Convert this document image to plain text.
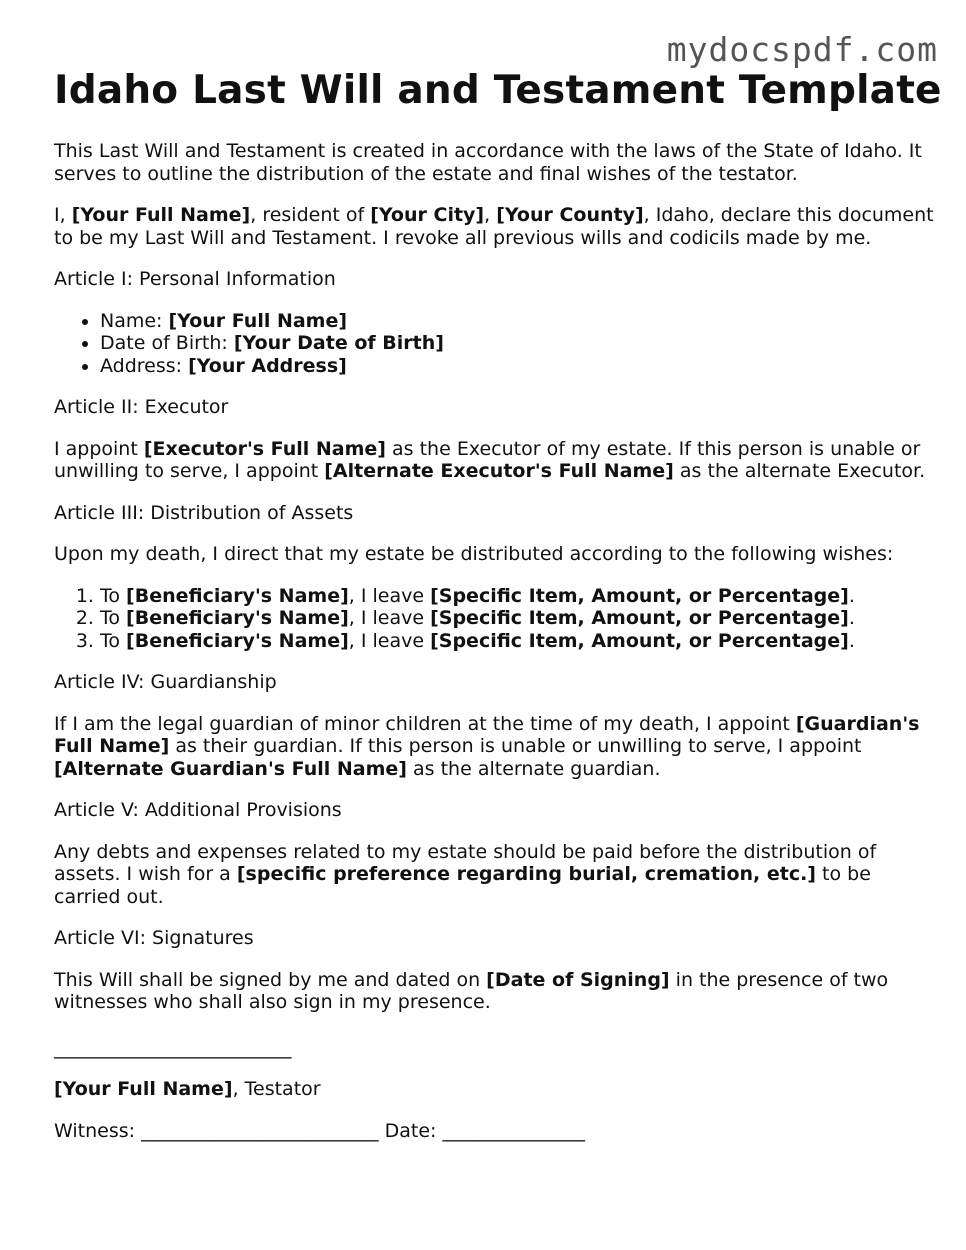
mydocspdf.com
Idaho Last Will and Testament Template

This Last Will and Testament is created in accordance with the laws of the State of Idaho. It serves to outline the distribution of the estate and final wishes of the testator.

I, [Your Full Name], resident of [Your City], [Your County], Idaho, declare this document to be my Last Will and Testament. I revoke all previous wills and codicils made by me.

Article I: Personal Information

• Name: [Your Full Name]
• Date of Birth: [Your Date of Birth]
• Address: [Your Address]

Article II: Executor

I appoint [Executor's Full Name] as the Executor of my estate. If this person is unable or unwilling to serve, I appoint [Alternate Executor's Full Name] as the alternate Executor.

Article III: Distribution of Assets

Upon my death, I direct that my estate be distributed according to the following wishes:

1. To [Beneficiary's Name], I leave [Specific Item, Amount, or Percentage].
2. To [Beneficiary's Name], I leave [Specific Item, Amount, or Percentage].
3. To [Beneficiary's Name], I leave [Specific Item, Amount, or Percentage].

Article IV: Guardianship

If I am the legal guardian of minor children at the time of my death, I appoint [Guardian's Full Name] as their guardian. If this person is unable or unwilling to serve, I appoint [Alternate Guardian's Full Name] as the alternate guardian.

Article V: Additional Provisions

Any debts and expenses related to my estate should be paid before the distribution of assets. I wish for a [specific preference regarding burial, cremation, etc.] to be carried out.

Article VI: Signatures

This Will shall be signed by me and dated on [Date of Signing] in the presence of two witnesses who shall also sign in my presence.

_________________________

[Your Full Name], Testator

Witness: _________________________ Date: _______________
